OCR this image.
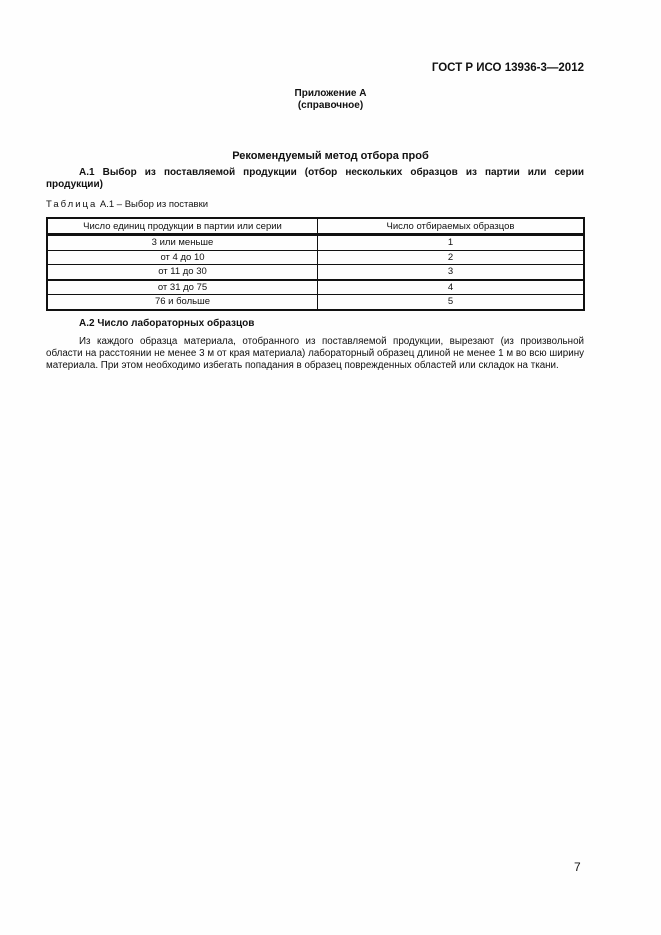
ГОСТ Р ИСО 13936-3—2012
Приложение А
(справочное)
Рекомендуемый метод отбора проб
А.1 Выбор из поставляемой продукции (отбор нескольких образцов из партии или серии продукции)
Таблица А.1 – Выбор из поставки
Число единиц продукции в партии или серии	Число отбираемых образцов
3 или меньше	1
от 4 до 10	2
от 11 до 30	3
от 31 до 75	4
76 и больше	5
А.2 Число лабораторных образцов
Из каждого образца материала, отобранного из поставляемой продукции, вырезают (из произвольной области на расстоянии не менее 3 м от края материала) лабораторный образец длиной не менее 1 м во всю ширину материала. При этом необходимо избегать попадания в образец поврежденных областей или складок на ткани.
7
